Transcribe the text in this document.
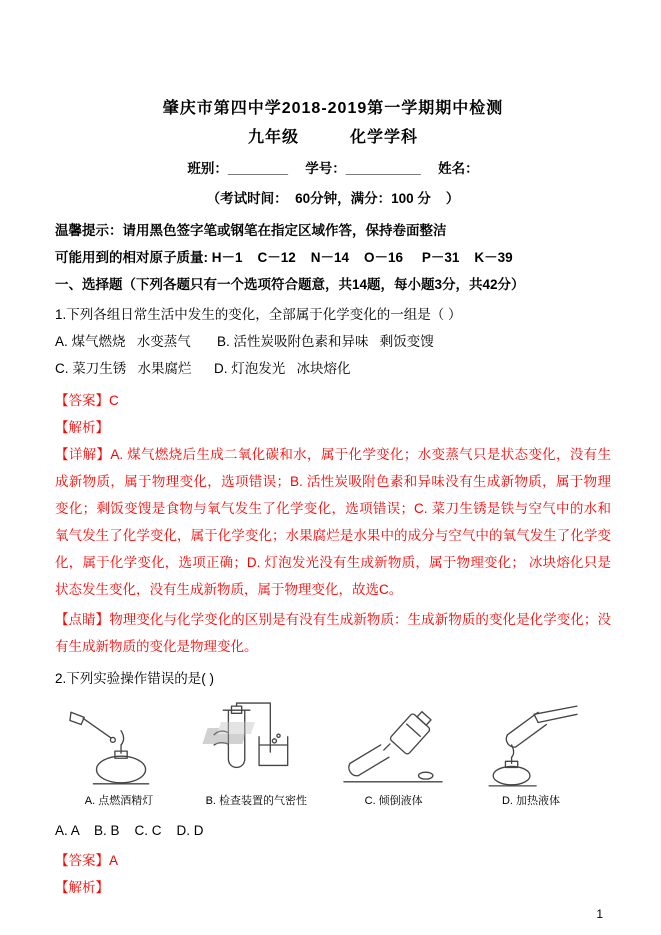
肇庆市第四中学2018-2019第一学期期中检测
九年级　　　化学学科
班别：________　 学号：__________　 姓名：
（考试时间：  60分钟，满分：100 分    ）

温馨提示：请用黑色签字笔或钢笔在指定区域作答，保持卷面整洁

可能用到的相对原子质量: H－1    C－12    N－14    O－16     P－31    K－39

一、选择题（下列各题只有一个选项符合题意，共14题，每小题3分，共42分）

1.下列各组日常生活中发生的变化，全部属于化学变化的一组是（ ）

A. 煤气燃烧   水变蒸气       B. 活性炭吸附色素和异味   剩饭变馊

C. 菜刀生锈   水果腐烂      D. 灯泡发光   冰块熔化

【答案】C

【解析】

【详解】A. 煤气燃烧后生成二氧化碳和水，属于化学变化；水变蒸气只是状态变化，没有生成新物质，属于物理变化，选项错误；B. 活性炭吸附色素和异味没有生成新物质，属于物理变化；剩饭变馊是食物与氧气发生了化学变化，选项错误；C. 菜刀生锈是铁与空气中的水和氧气发生了化学变化，属于化学变化；水果腐烂是水果中的成分与空气中的氧气发生了化学变化，属于化学变化，选项正确；D. 灯泡发光没有生成新物质，属于物理变化； 冰块熔化只是状态发生变化，没有生成新物质，属于物理变化，故选C。

【点睛】物理变化与化学变化的区别是有没有生成新物质：生成新物质的变化是化学变化；没有生成新物质的变化是物理变化。

2.下列实验操作错误的是( )

A. 点燃酒精灯	B. 检查装置的气密性	C. 倾倒液体	D. 加热液体

A. A    B. B    C. C    D. D

【答案】A

【解析】

1
